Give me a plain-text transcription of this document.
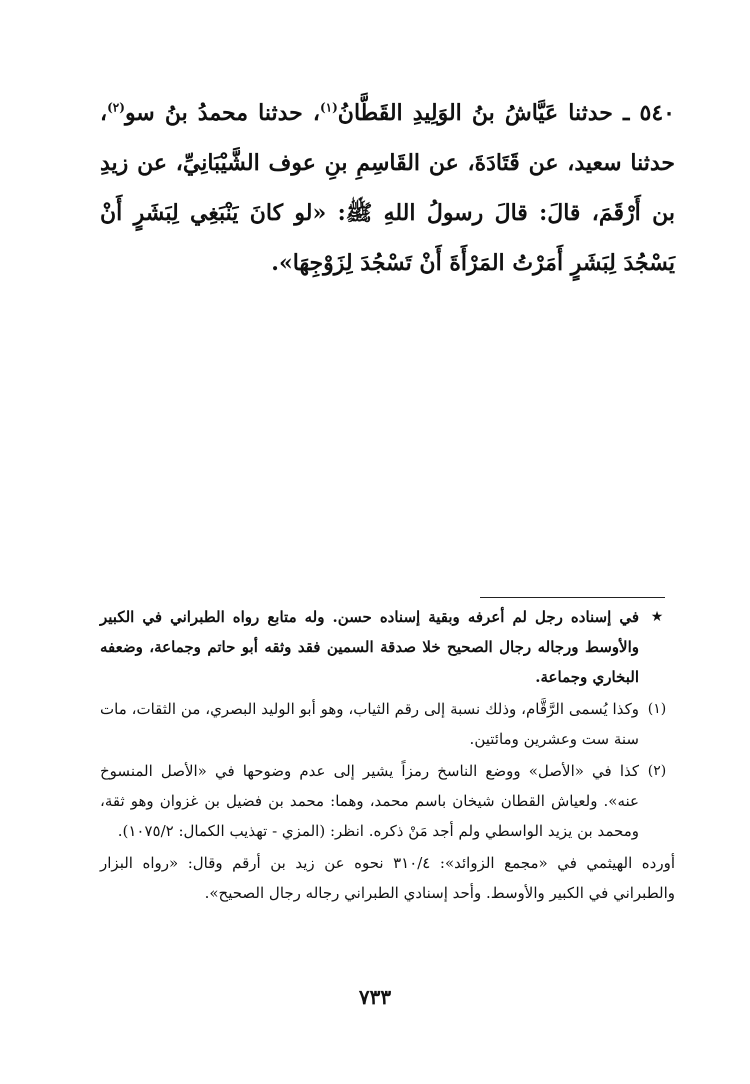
٥٤٠ ـ حدثنا عَيَّاشُ بنُ الوَلِيدِ القَطَّانُ$^{(١)}$، حدثنا محمدُ بنُ سو$^{(٢)}$، حدثنا سعيد، عن قَتَادَةَ، عن القَاسِمِ بنِ عوف الشَّيْبَانِيِّ، عن زيدِ بن أَرْقَمَ، قالَ: قالَ رسولُ اللهِ ﷺ: «لو كانَ يَنْبَغِي لِبَشَرٍ أَنْ يَسْجُدَ لِبَشَرٍ أَمَرْتُ المَرْأَةَ أَنْ تَسْجُدَ لِزَوْجِهَا».
★
في إسناده رجل لم أعرفه وبقية إسناده حسن. وله متابع رواه الطبراني في الكبير والأوسط ورجاله رجال الصحيح خلا صدقة السمين فقد وثقه أبو حاتم وجماعة، وضعفه البخاري وجماعة.
(١)
وكذا يُسمى الرَّقَّام، وذلك نسبة إلى رقم الثياب، وهو أبو الوليد البصري، من الثقات، مات سنة ست وعشرين ومائتين.
(٢)
كذا في «الأصل» ووضع الناسخ رمزاً يشير إلى عدم وضوحها في «الأصل المنسوخ عنه». ولعياش القطان شيخان باسم محمد، وهما: محمد بن فضيل بن غزوان وهو ثقة، ومحمد بن يزيد الواسطي ولم أجد مَنْ ذكره. انظر: (المزي - تهذيب الكمال: ١٠٧٥/٢).
أورده الهيثمي في «مجمع الزوائد»: ٣١٠/٤ نحوه عن زيد بن أرقم وقال: «رواه البزار والطبراني في الكبير والأوسط. وأحد إسنادي الطبراني رجاله رجال الصحيح».
٧٣٣
